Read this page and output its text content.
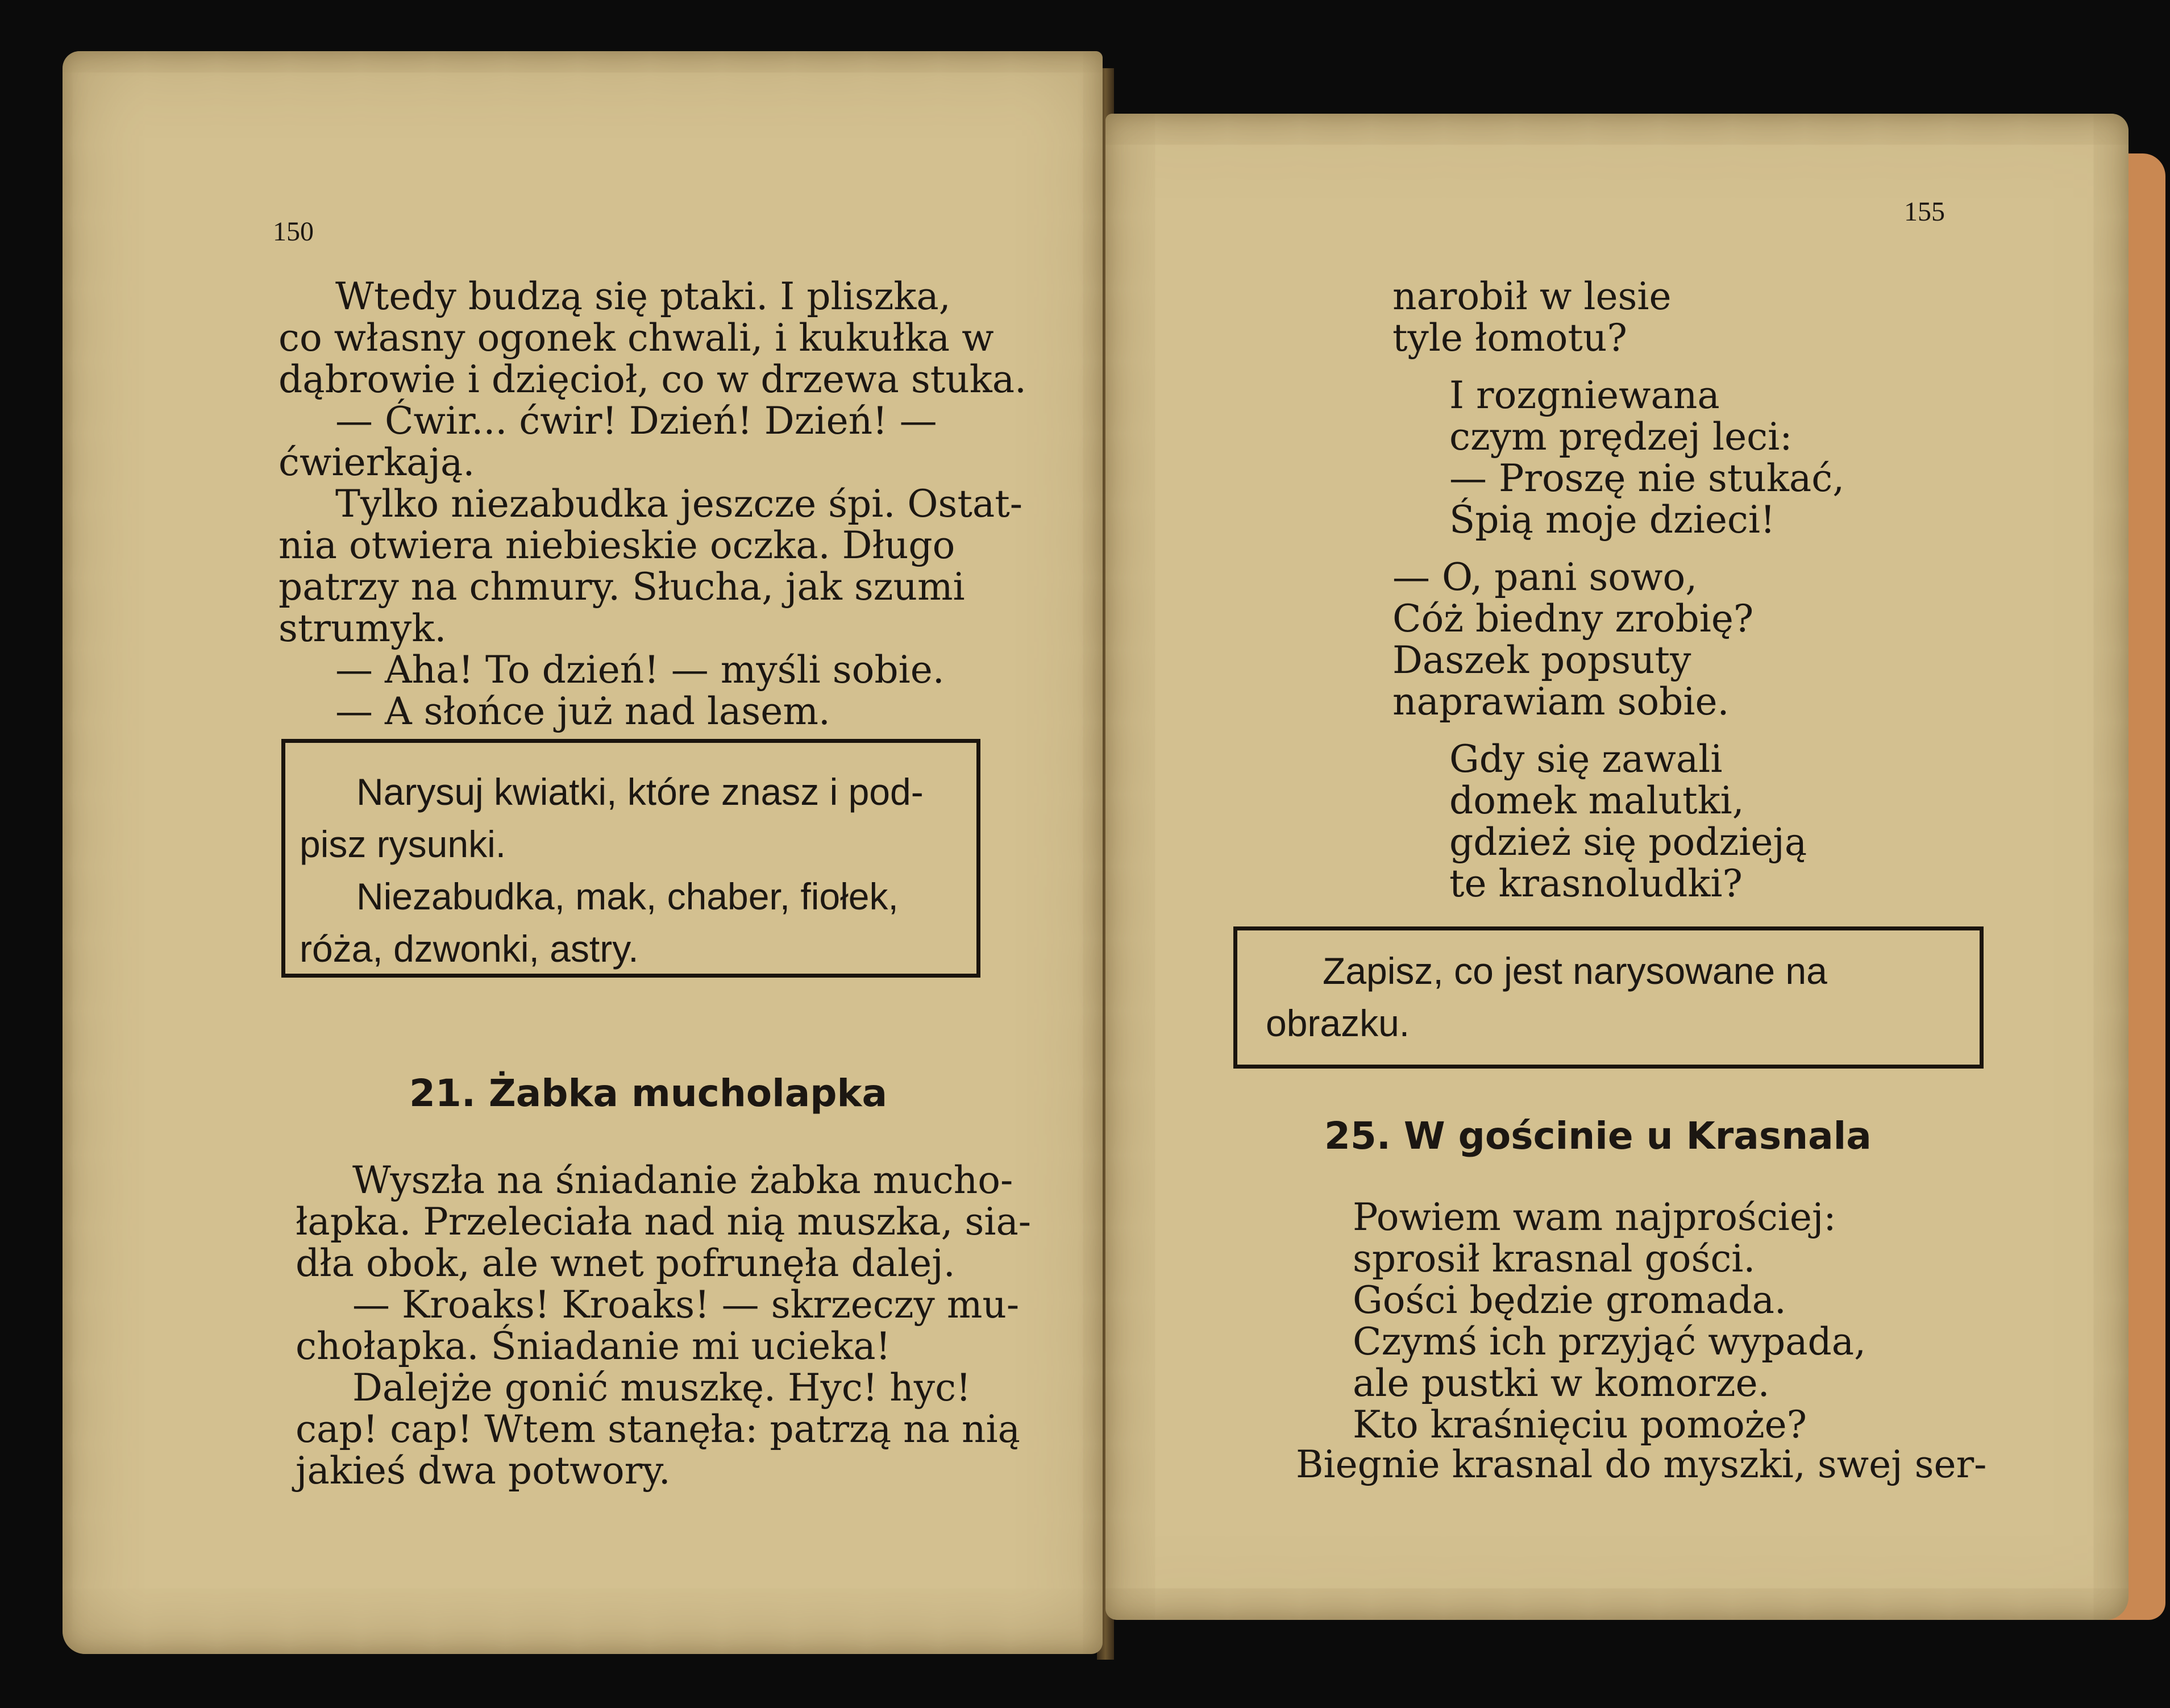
150

Wtedy budzą się ptaki. I pliszka,

co własny ogonek chwali, i kukułka w

dąbrowie i dzięcioł, co w drzewa stuka.

— Ćwir... ćwir! Dzień! Dzień! —

ćwierkają.

Tylko niezabudka jeszcze śpi. Ostat-

nia otwiera niebieskie oczka. Długo

patrzy na chmury. Słucha, jak szumi

strumyk.

— Aha! To dzień! — myśli sobie.

— A słońce już nad lasem.

Narysuj kwiatki, które znasz i pod-

pisz rysunki.

Niezabudka, mak, chaber, fiołek,

róża, dzwonki, astry.

21. Żabka mucholapka

Wyszła na śniadanie żabka mucho-

łapka. Przeleciała nad nią muszka, sia-

dła obok, ale wnet pofrunęła dalej.

— Kroaks! Kroaks! — skrzeczy mu-

chołapka. Śniadanie mi ucieka!

Dalejże gonić muszkę. Hyc! hyc!

cap! cap! Wtem stanęła: patrzą na nią

jakieś dwa potwory.

155

narobił w lesie

tyle łomotu?

I rozgniewana

czym prędzej leci:

— Proszę nie stukać,

Śpią moje dzieci!

— O, pani sowo,

Cóż biedny zrobię?

Daszek popsuty

naprawiam sobie.

Gdy się zawali

domek malutki,

gdzież się podzieją

te krasnoludki?

Zapisz, co jest narysowane na

obrazku.

25. W gościnie u Krasnala

Powiem wam najprościej:

sprosił krasnal gości.

Gości będzie gromada.

Czymś ich przyjąć wypada,

ale pustki w komorze.

Kto kraśnięciu pomoże?

Biegnie krasnal do myszki, swej ser-
